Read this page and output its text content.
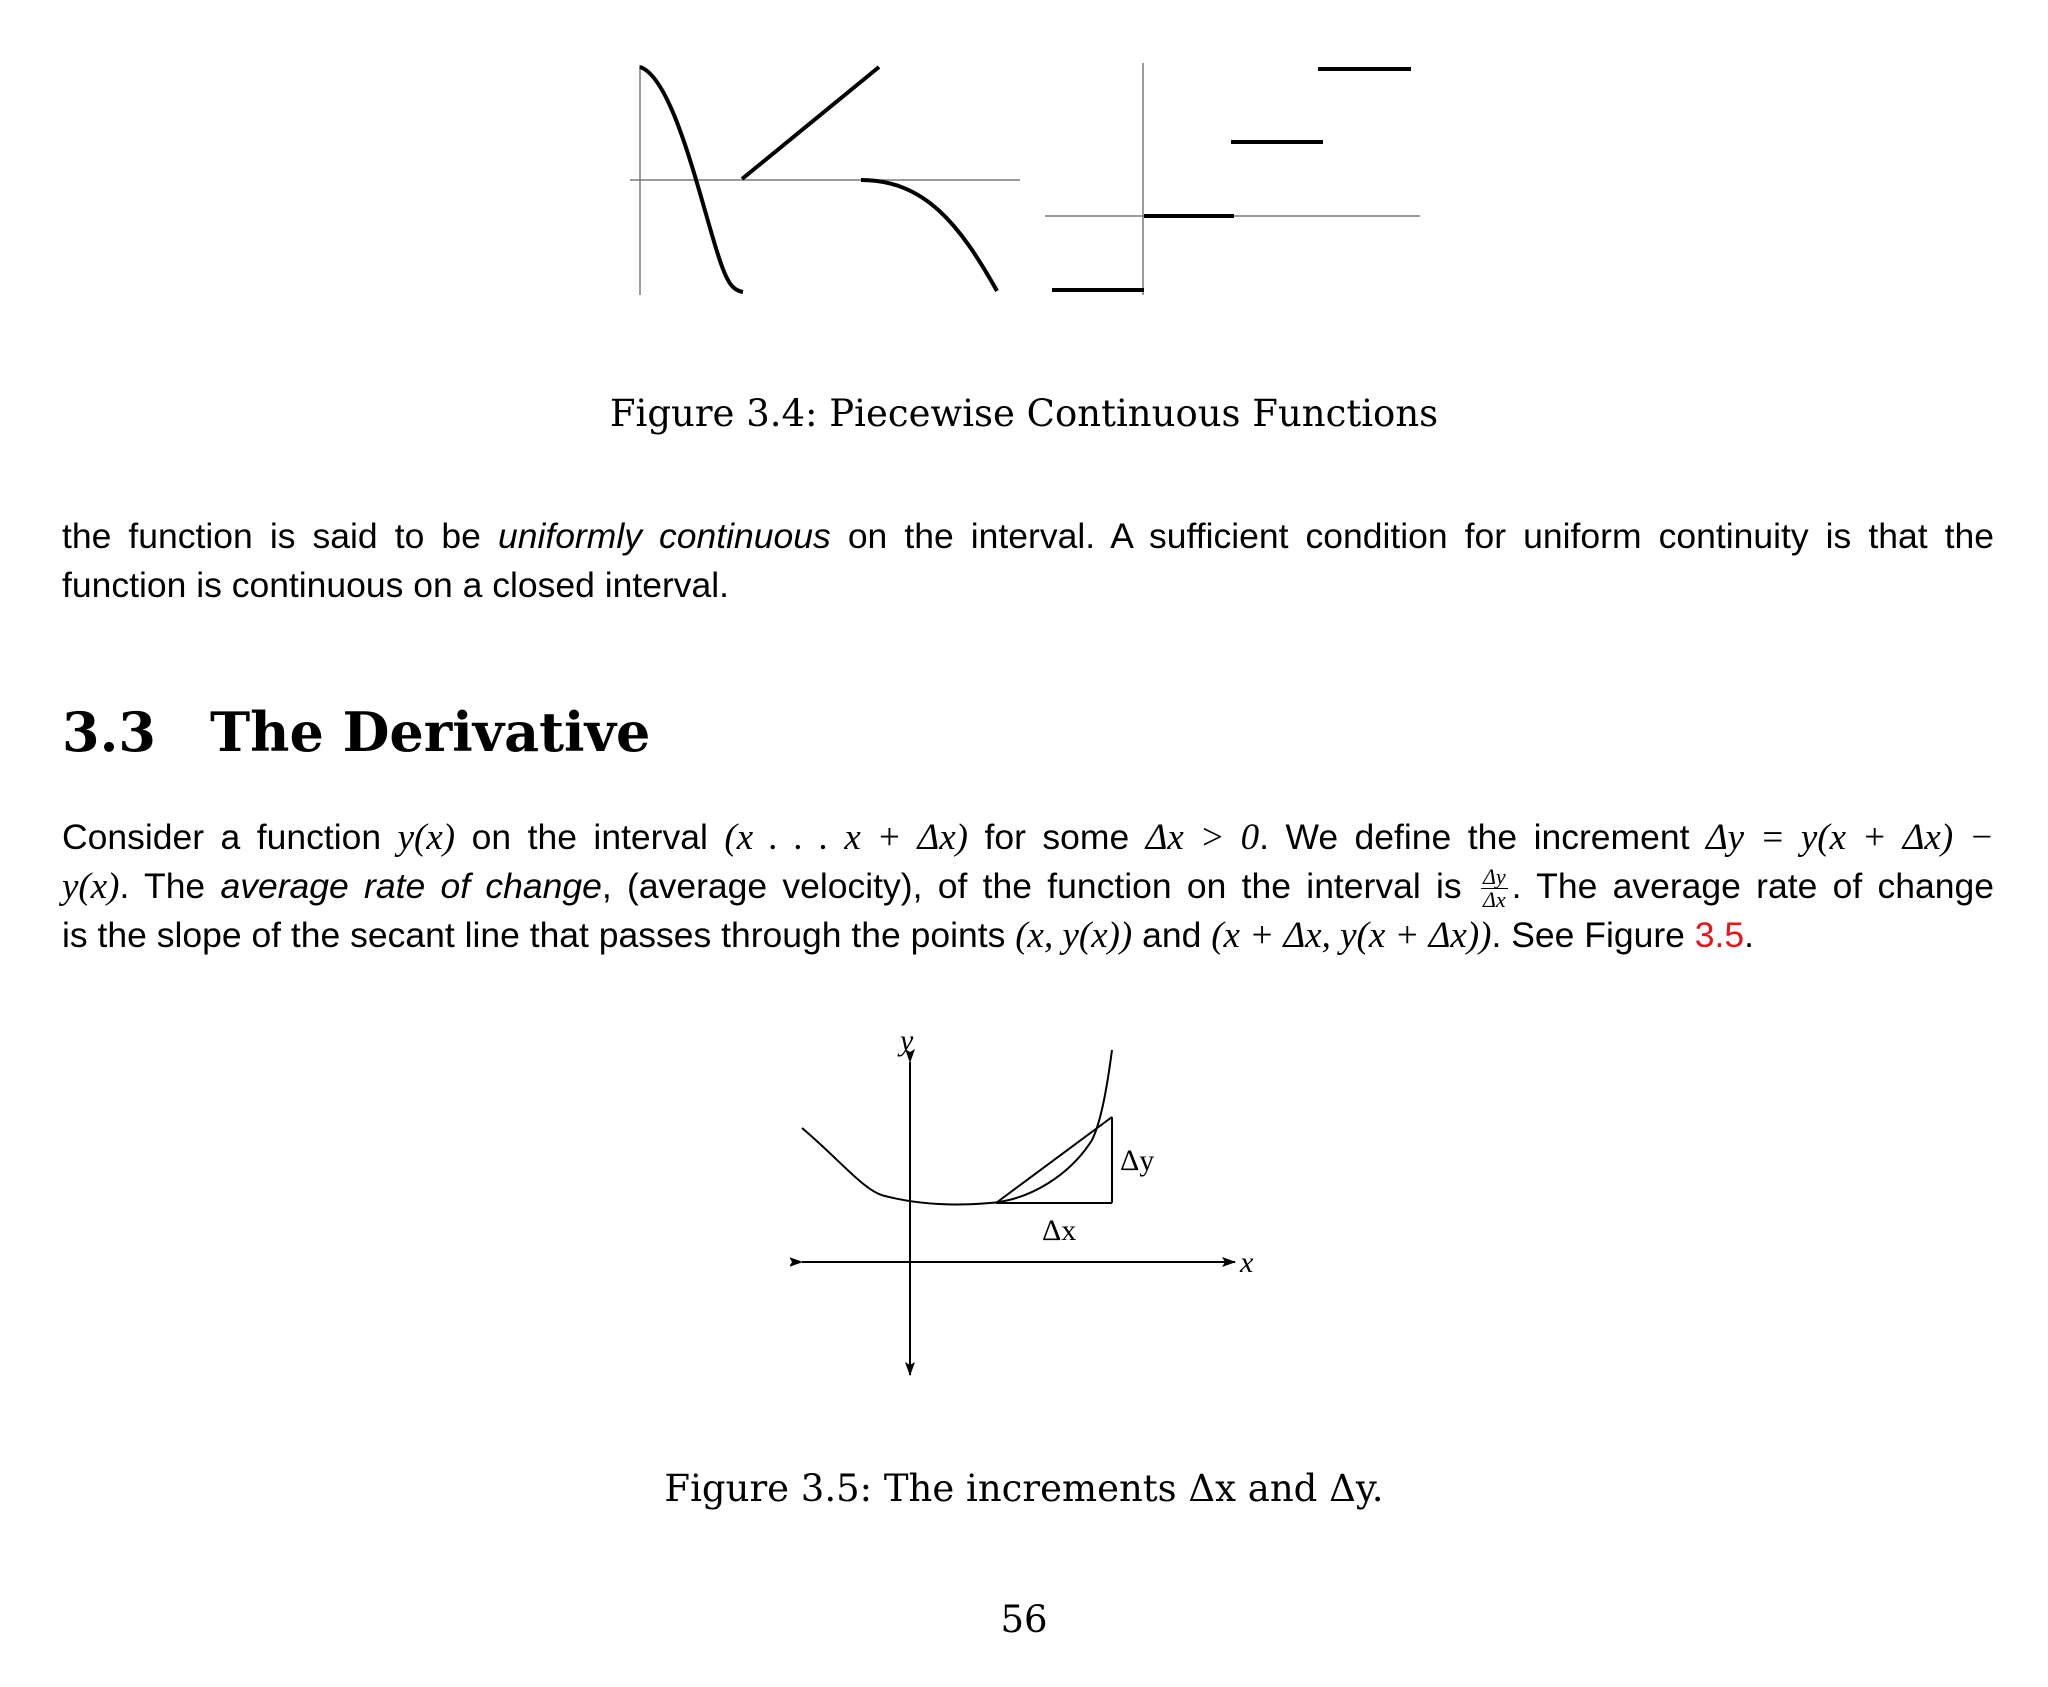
Figure 3.4: Piecewise Continuous Functions
the function is said to be uniformly continuous on the interval. A sufficient condition for uniform continuity is that the
function is continuous on a closed interval.
3.3 The Derivative
Consider a function y(x) on the interval (x . . . x + Δx) for some Δx > 0. We define the increment Δy = y(x + Δx) −
y(x). The average rate of change, (average velocity), of the function on the interval is $\frac{\Delta y}{\Delta x}$ . The average rate of change
is the slope of the secant line that passes through the points (x, y(x)) and (x + Δx, y(x + Δx)). See Figure 3.5.
y
x
Δy
Δx
Figure 3.5: The increments Δx and Δy.
56
